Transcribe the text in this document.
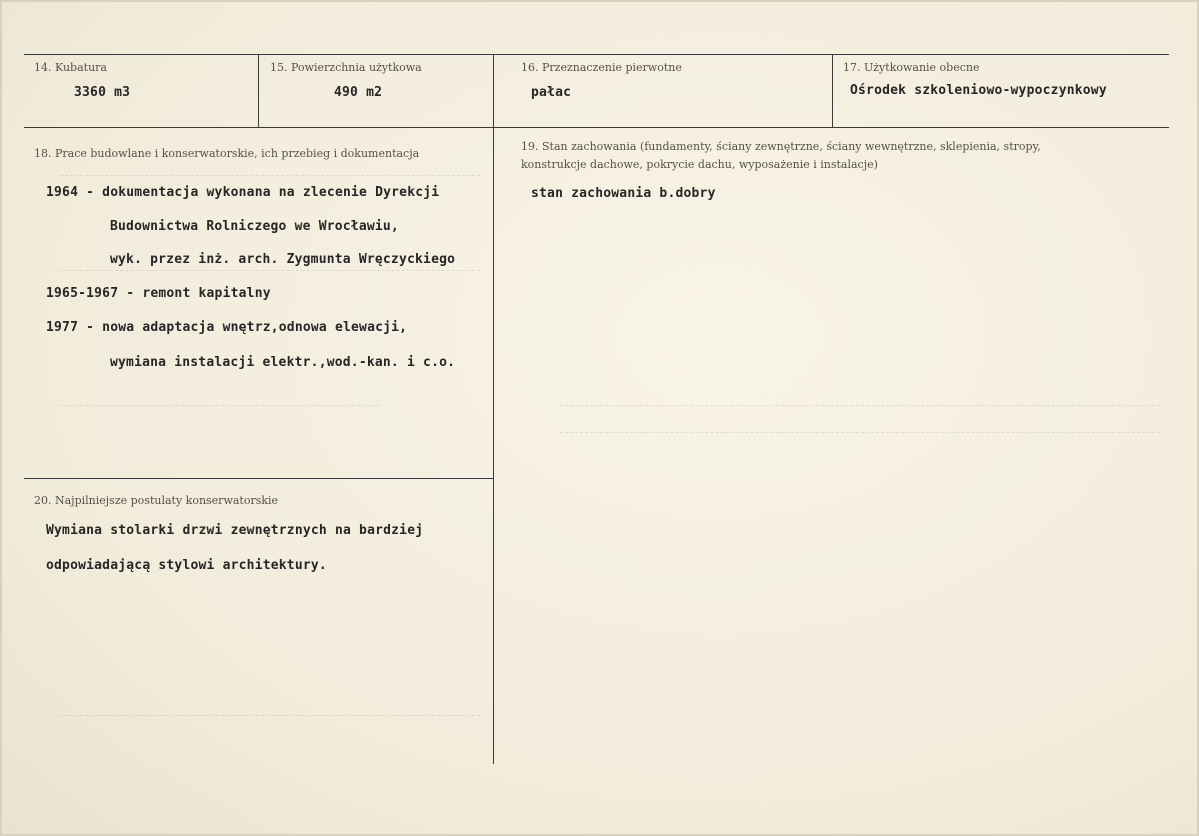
14. Kubatura
3360 m3
15. Powierzchnia użytkowa
490 m2
16. Przeznaczenie pierwotne
pałac
17. Użytkowanie obecne
Ośrodek szkoleniowo-wypoczynkowy
18. Prace budowlane i konserwatorskie, ich przebieg i dokumentacja
1964 - dokumentacja wykonana na zlecenie Dyrekcji
Budownictwa Rolniczego we Wrocławiu,
wyk. przez inż. arch. Zygmunta Wręczyckiego
1965-1967 - remont kapitalny
1977 - nowa adaptacja wnętrz,odnowa elewacji,
wymiana instalacji elektr.,wod.-kan. i c.o.
19. Stan zachowania (fundamenty, ściany zewnętrzne, ściany wewnętrzne, sklepienia, stropy, konstrukcje dachowe, pokrycie dachu, wyposażenie i instalacje)
stan zachowania b.dobry
20. Najpilniejsze postulaty konserwatorskie
Wymiana stolarki drzwi zewnętrznych na bardziej
odpowiadającą stylowi architektury.
